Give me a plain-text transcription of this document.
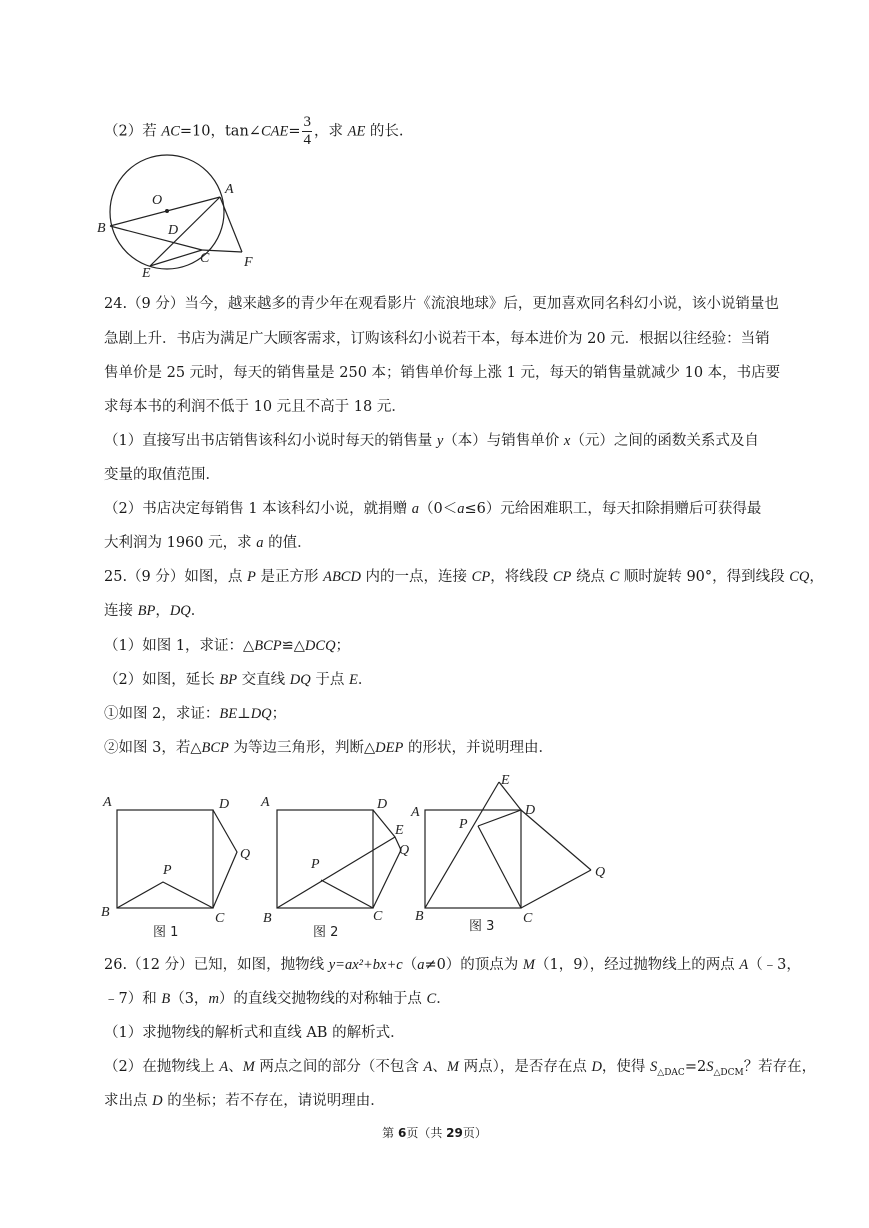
（2）若 AC=10，tan∠CAE= $\frac{3}{4}$ ，求 AE 的长.
A
B
O
D
C
E
F
24.（9 分）当今，越来越多的青少年在观看影片《流浪地球》后，更加喜欢同名科幻小说，该小说销量也
急剧上升．书店为满足广大顾客需求，订购该科幻小说若干本，每本进价为 20 元．根据以往经验：当销
售单价是 25 元时，每天的销售量是 250 本；销售单价每上涨 1 元，每天的销售量就减少 10 本，书店要
求每本书的利润不低于 10 元且不高于 18 元．
（1）直接写出书店销售该科幻小说时每天的销售量 y（本）与销售单价 x（元）之间的函数关系式及自
变量的取值范围．
（2）书店决定每销售 1 本该科幻小说，就捐赠 a（0＜a≤6）元给困难职工，每天扣除捐赠后可获得最
大利润为 1960 元，求 a 的值．
25.（9 分）如图，点 P 是正方形 ABCD 内的一点，连接 CP，将线段 CP 绕点 C 顺时旋转 90°，得到线段 CQ，
连接 BP，DQ．
（1）如图 1，求证：△BCP≌△DCQ；
（2）如图，延长 BP 交直线 DQ 于点 E．
①如图 2，求证：BE⊥DQ；
②如图 3，若△BCP 为等边三角形，判断△DEP 的形状，并说明理由．
A
B	C
D
P
Q
图 1
A
B	C
D
P
Q
E
图 2
A
B	C
D
P
Q
E
图 3
26.（12 分）已知，如图，抛物线 y=ax²+bx+c（a≠0）的顶点为 M（1，9），经过抛物线上的两点 A（﹣3，
﹣7）和 B（3，m）的直线交抛物线的对称轴于点 C．
（1）求抛物线的解析式和直线 AB 的解析式．
（2）在抛物线上 A、M 两点之间的部分（不包含 A、M 两点），是否存在点 D，使得 $S_{\triangle DAC}=2S_{\triangle DCM}$？若存在，
求出点 D 的坐标；若不存在，请说明理由．
第 6页（共 29页）
